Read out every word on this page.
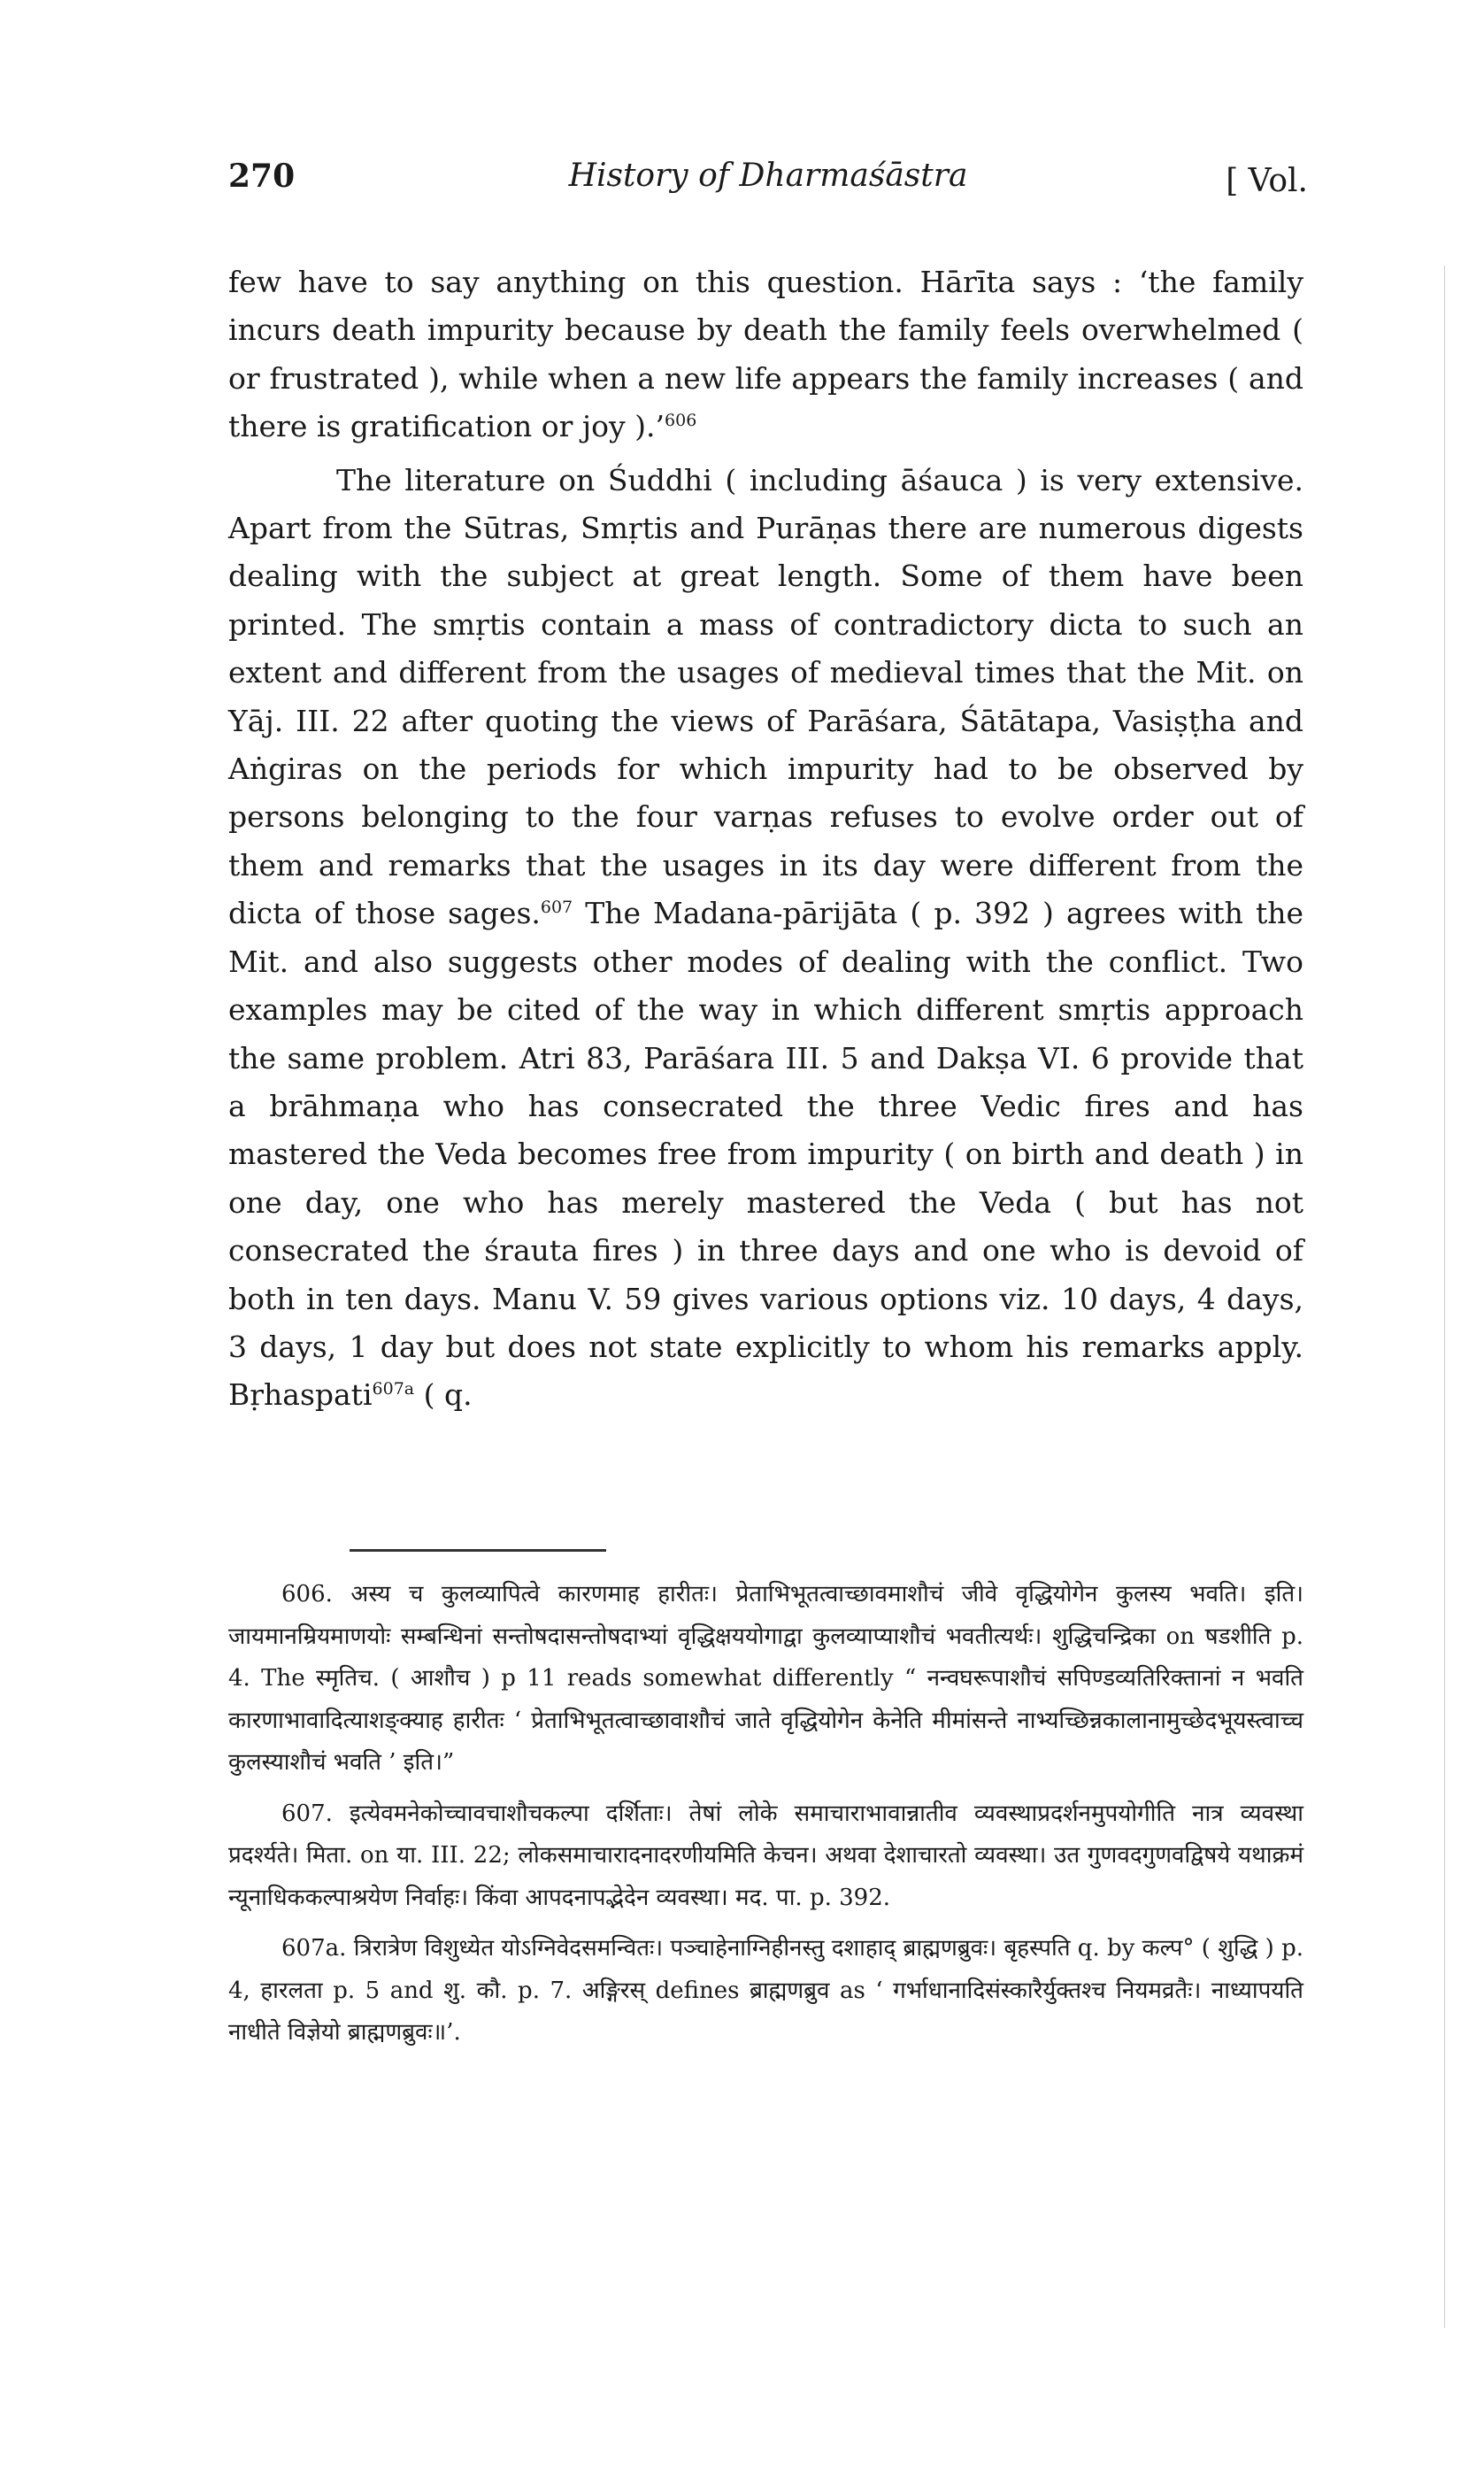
270	History of Dharmaśāstra	[ Vol.

few have to say anything on this question. Hārīta says : ‘the family incurs death impurity because by death the family feels overwhelmed ( or frustrated ), while when a new life appears the family increases ( and there is gratification or joy ).’$^{606}$

The literature on Śuddhi ( including āśauca ) is very extensive. Apart from the Sūtras, Smṛtis and Purāṇas there are numerous digests dealing with the subject at great length. Some of them have been printed. The smṛtis contain a mass of contradictory dicta to such an extent and different from the usages of medieval times that the Mit. on Yāj. III. 22 after quoting the views of Parāśara, Śātātapa, Vasiṣṭha and Aṅgiras on the periods for which impurity had to be observed by persons belonging to the four varṇas refuses to evolve order out of them and remarks that the usages in its day were different from the dicta of those sages.$^{607}$ The Madana-pārijāta ( p. 392 ) agrees with the Mit. and also suggests other modes of dealing with the conflict. Two examples may be cited of the way in which different smṛtis approach the same problem. Atri 83, Parāśara III. 5 and Dakṣa VI. 6 provide that a brāhmaṇa who has consecrated the three Vedic fires and has mastered the Veda becomes free from impurity ( on birth and death ) in one day, one who has merely mastered the Veda ( but has not consecrated the śrauta fires ) in three days and one who is devoid of both in ten days. Manu V. 59 gives various options viz. 10 days, 4 days, 3 days, 1 day but does not state explicitly to whom his remarks apply. Bṛhaspati$^{607a}$ ( q.

606. अस्य च कुलव्यापित्वे कारणमाह हारीतः। प्रेताभिभूतत्वाच्छावमाशौचं जीवे वृद्धियोगेन कुलस्य भवति। इति। जायमानम्रियमाणयोः सम्बन्धिनां सन्तोषदासन्तोषदाभ्यां वृद्धिक्षययोगाद्वा कुलव्याप्याशौचं भवतीत्यर्थः। शुद्धिचन्द्रिका on षडशीति p. 4. The स्मृतिच. ( आशौच ) p 11 reads somewhat differently “ नन्वघरूपाशौचं सपिण्डव्यतिरिक्तानां न भवति कारणाभावादित्याशङ्क्याह हारीतः ‘ प्रेताभिभूतत्वाच्छावाशौचं जाते वृद्धियोगेन केनेति मीमांसन्ते नाभ्यच्छिन्नकालानामुच्छेदभूयस्त्वाच्च कुलस्याशौचं भवति ’ इति।”

607. इत्येवमनेकोच्चावचाशौचकल्पा दर्शिताः। तेषां लोके समाचाराभावान्नातीव व्यवस्थाप्रदर्शनमुपयोगीति नात्र व्यवस्था प्रदर्श्यते। मिता. on या. III. 22; लोकसमाचारादनादरणीयमिति केचन। अथवा देशाचारतो व्यवस्था। उत गुणवदगुणवद्विषये यथाक्रमं न्यूनाधिककल्पाश्रयेण निर्वाहः। किंवा आपदनापद्भेदेन व्यवस्था। मद. पा. p. 392.

607a. त्रिरात्रेण विशुध्येत योऽग्निवेदसमन्वितः। पञ्चाहेनाग्निहीनस्तु दशाहाद् ब्राह्मणब्रुवः। बृहस्पति q. by कल्प° ( शुद्धि ) p. 4, हारलता p. 5 and शु. कौ. p. 7. अङ्गिरस् defines ब्राह्मणब्रुव as ‘ गर्भाधानादिसंस्कारैर्युक्तश्च नियमव्रतैः। नाध्यापयति नाधीते विज्ञेयो ब्राह्मणब्रुवः॥’.
